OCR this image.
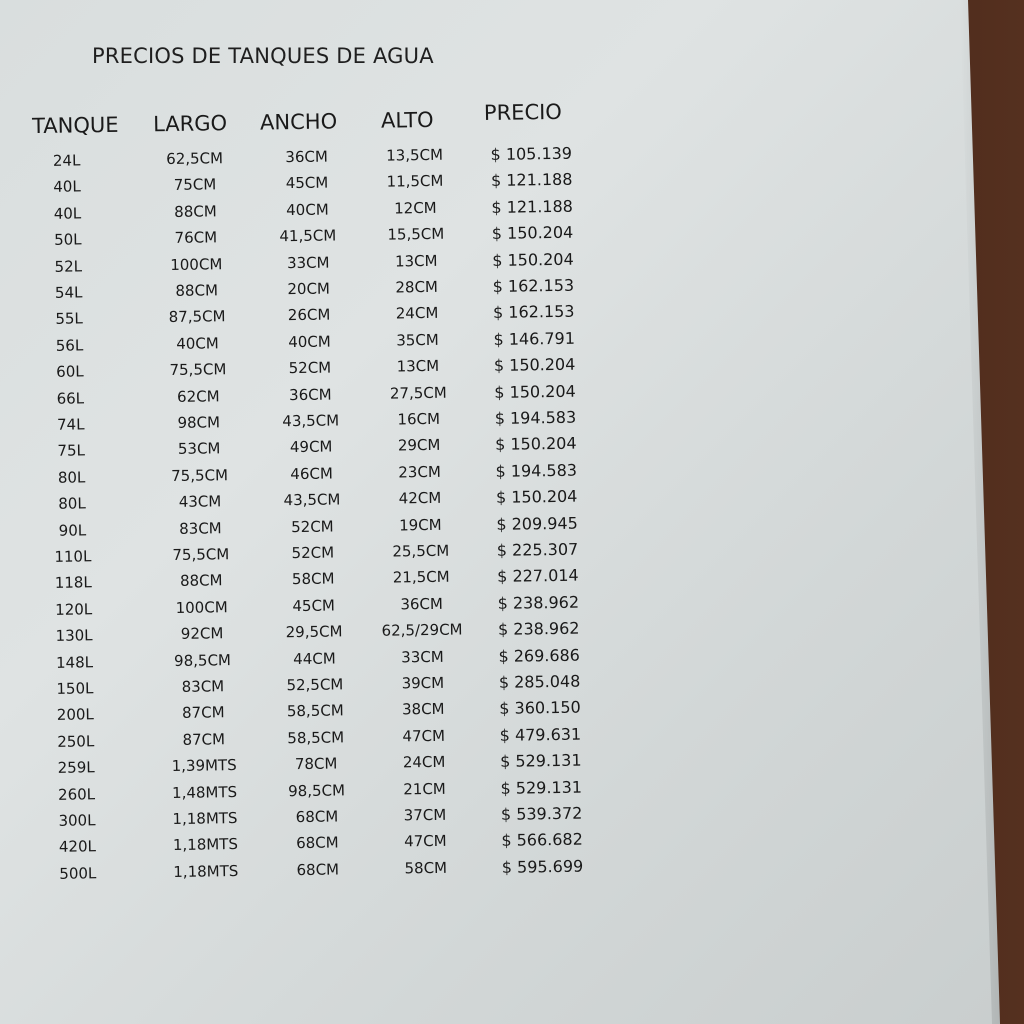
PRECIOS DE TANQUES DE AGUA
TANQUE LARGO ANCHO ALTO PRECIO
24L	62,5CM	36CM	13,5CM	$ 105.139
40L	75CM	45CM	11,5CM	$ 121.188
40L	88CM	40CM	12CM	$ 121.188
50L	76CM	41,5CM	15,5CM	$ 150.204
52L	100CM	33CM	13CM	$ 150.204
54L	88CM	20CM	28CM	$ 162.153
55L	87,5CM	26CM	24CM	$ 162.153
56L	40CM	40CM	35CM	$ 146.791
60L	75,5CM	52CM	13CM	$ 150.204
66L	62CM	36CM	27,5CM	$ 150.204
74L	98CM	43,5CM	16CM	$ 194.583
75L	53CM	49CM	29CM	$ 150.204
80L	75,5CM	46CM	23CM	$ 194.583
80L	43CM	43,5CM	42CM	$ 150.204
90L	83CM	52CM	19CM	$ 209.945
110L	75,5CM	52CM	25,5CM	$ 225.307
118L	88CM	58CM	21,5CM	$ 227.014
120L	100CM	45CM	36CM	$ 238.962
130L	92CM	29,5CM	62,5/29CM	$ 238.962
148L	98,5CM	44CM	33CM	$ 269.686
150L	83CM	52,5CM	39CM	$ 285.048
200L	87CM	58,5CM	38CM	$ 360.150
250L	87CM	58,5CM	47CM	$ 479.631
259L	1,39MTS	78CM	24CM	$ 529.131
260L	1,48MTS	98,5CM	21CM	$ 529.131
300L	1,18MTS	68CM	37CM	$ 539.372
420L	1,18MTS	68CM	47CM	$ 566.682
500L	1,18MTS	68CM	58CM	$ 595.699
